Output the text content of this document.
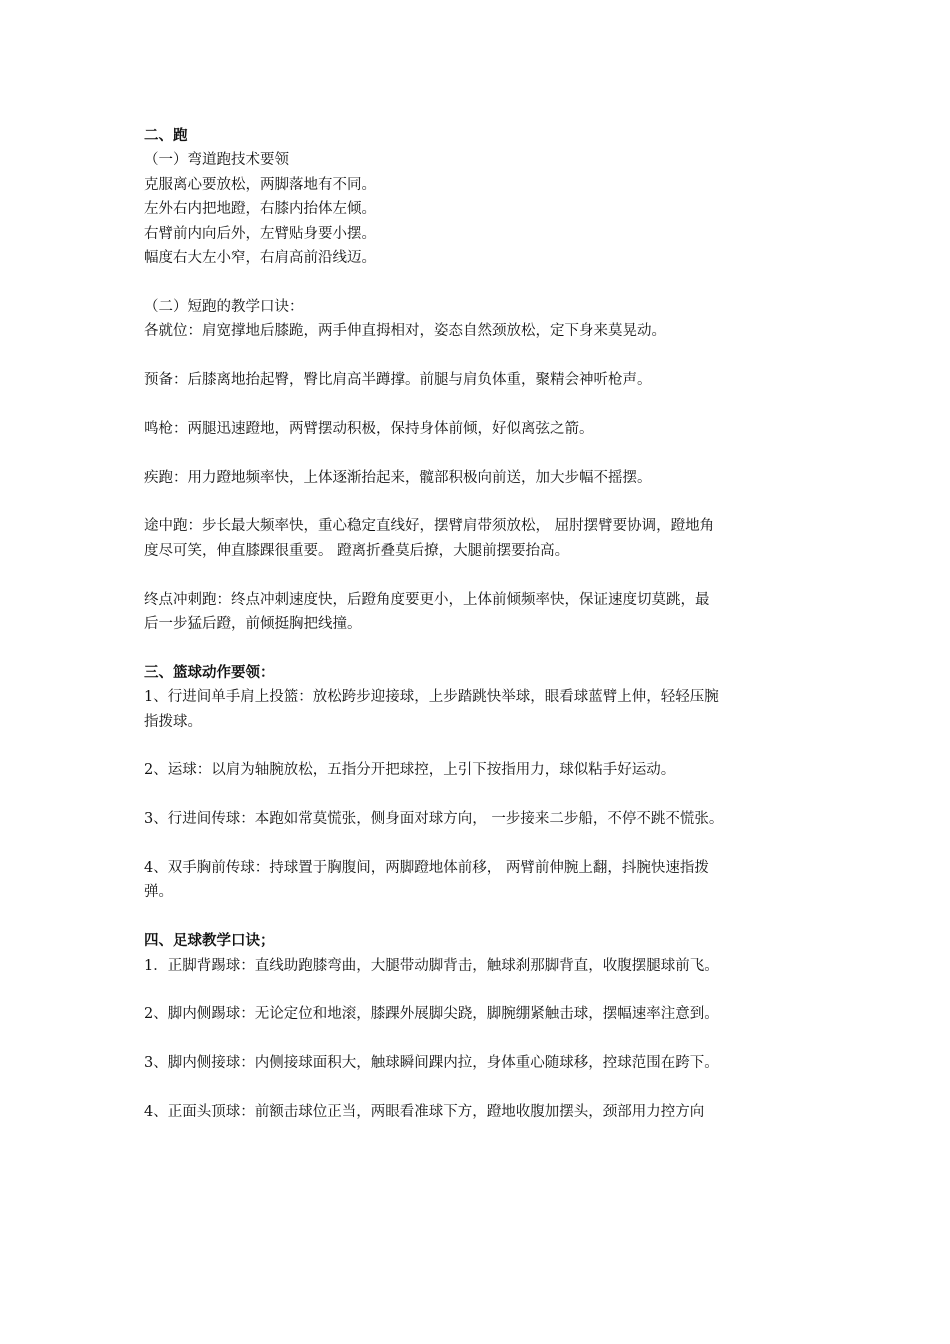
二、跑

（一）弯道跑技术要领

克服离心要放松，两脚落地有不同。

左外右内把地蹬，右膝内抬体左倾。

右臂前内向后外，左臂贴身要小摆。

幅度右大左小窄，右肩高前沿线迈。

（二）短跑的教学口诀：

各就位：肩宽撑地后膝跪，两手伸直拇相对，姿态自然颈放松，定下身来莫晃动。

预备：后膝离地抬起臀，臀比肩高半蹲撑。前腿与肩负体重，聚精会神听枪声。

鸣枪：两腿迅速蹬地，两臂摆动积极，保持身体前倾，好似离弦之箭。

疾跑：用力蹬地频率快，上体逐渐抬起来，髋部积极向前送，加大步幅不摇摆。

途中跑：步长最大频率快，重心稳定直线好，摆臂肩带须放松， 屈肘摆臂要协调，蹬地角

度尽可笑，伸直膝踝很重要。 蹬离折叠莫后撩，大腿前摆要抬高。

终点冲刺跑：终点冲刺速度快，后蹬角度要更小，上体前倾频率快，保证速度切莫跳，最

后一步猛后蹬，前倾挺胸把线撞。

三、篮球动作要领：

1、行进间单手肩上投篮：放松跨步迎接球，上步踏跳快举球，眼看球蓝臂上伸，轻轻压腕

指拨球。

2、运球：以肩为轴腕放松，五指分开把球控，上引下按指用力，球似粘手好运动。

3、行进间传球：本跑如常莫慌张，侧身面对球方向， 一步接来二步船，不停不跳不慌张。

4、双手胸前传球：持球置于胸腹间，两脚蹬地体前移， 两臂前伸腕上翻，抖腕快速指拨

弹。

四、足球教学口诀；

1．正脚背踢球：直线助跑膝弯曲，大腿带动脚背击，触球刹那脚背直，收腹摆腿球前飞。

2、脚内侧踢球：无论定位和地滚，膝踝外展脚尖跷，脚腕绷紧触击球，摆幅速率注意到。

3、脚内侧接球：内侧接球面积大，触球瞬间踝内拉，身体重心随球移，控球范围在跨下。

4、正面头顶球：前额击球位正当，两眼看准球下方，蹬地收腹加摆头，颈部用力控方向
